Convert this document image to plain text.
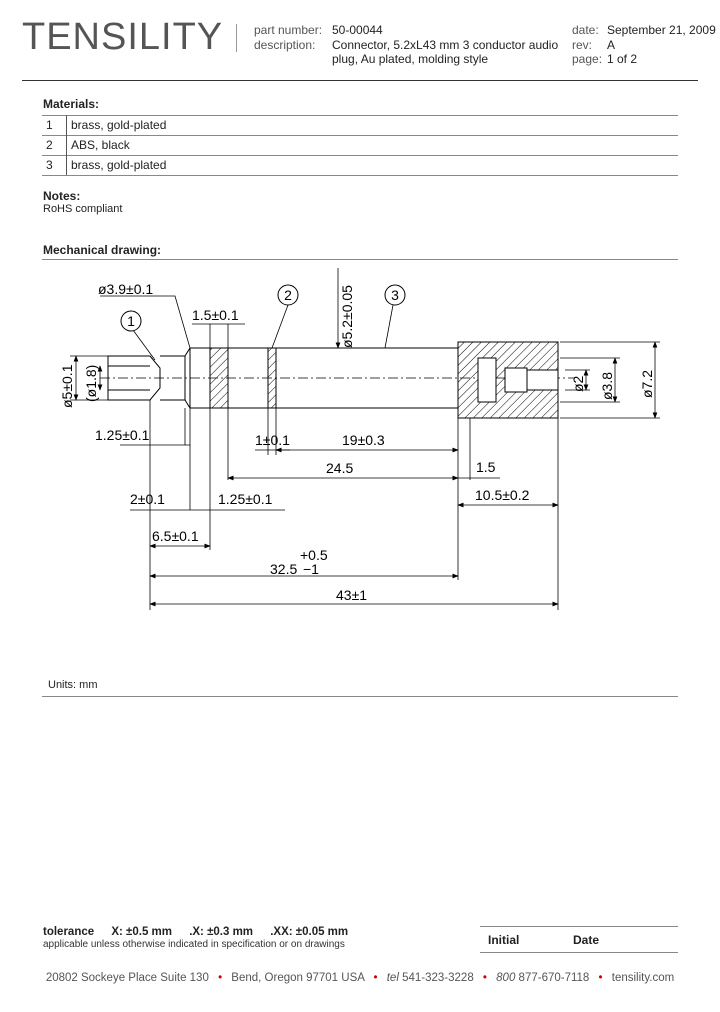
TENSILITY	part number: 50-00044
description: Connector, 5.2xL43 mm 3 conductor audio
plug, Au plated, molding style
date: September 21, 2009
rev: A
page: 1 of 2
Materials:
1 brass, gold-plated
2 ABS, black
3 brass, gold-plated
Notes:
RoHS compliant
Mechanical drawing:
1
2	3
ø3.9±0.1
1.5±0.1	ø5.2±0.05
ø5±0.1 (ø1.8)	ø2 ø3.8 ø7.2
1.25±0.1	1±0.1	19±0.3
24.5	1.5
2±0.1	1.25±0.1	10.5±0.2
6.5±0.1
+0.5
32.5 −1
43±1
Units: mm
tolerance X: ±0.5 mm .X: ±0.3 mm .XX: ±0.05 mm
applicable unless otherwise indicated in specification or on drawings	Initial	Date
20802 Sockeye Place Suite 130 • Bend, Oregon 97701 USA • tel 541-323-3228 • 800 877-670-7118 • tensility.com
